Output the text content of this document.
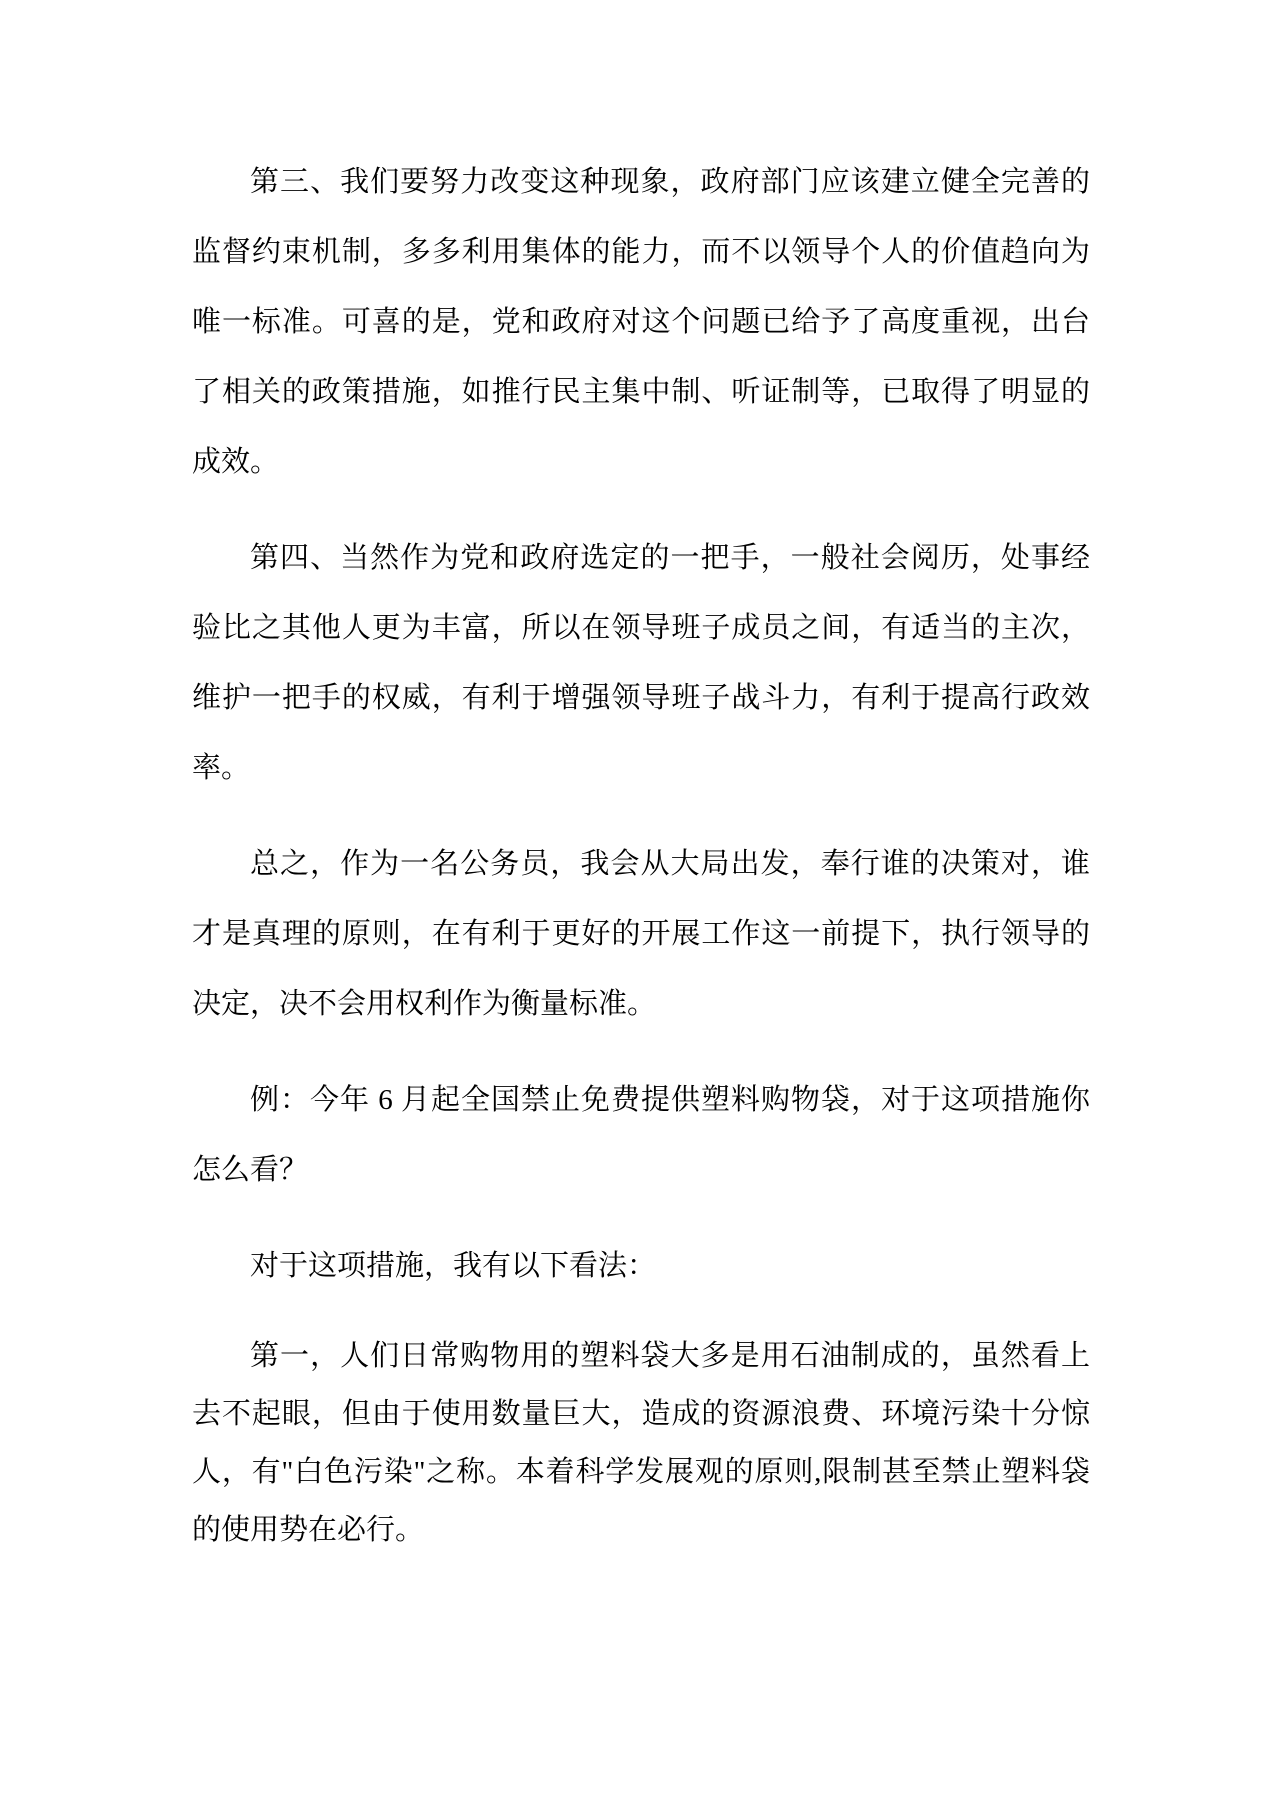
第三、我们要努力改变这种现象，政府部门应该建立健全完善的监督约束机制，多多利用集体的能力，而不以领导个人的价值趋向为唯一标准。可喜的是，党和政府对这个问题已给予了高度重视，出台了相关的政策措施，如推行民主集中制、听证制等，已取得了明显的成效。

第四、当然作为党和政府选定的一把手，一般社会阅历，处事经验比之其他人更为丰富，所以在领导班子成员之间，有适当的主次，维护一把手的权威，有利于增强领导班子战斗力，有利于提高行政效率。

总之，作为一名公务员，我会从大局出发，奉行谁的决策对，谁才是真理的原则，在有利于更好的开展工作这一前提下，执行领导的决定，决不会用权利作为衡量标准。

例：今年 6 月起全国禁止免费提供塑料购物袋，对于这项措施你怎么看？

对于这项措施，我有以下看法：

第一，人们日常购物用的塑料袋大多是用石油制成的，虽然看上去不起眼，但由于使用数量巨大，造成的资源浪费、环境污染十分惊人，有"白色污染"之称。本着科学发展观的原则,限制甚至禁止塑料袋的使用势在必行。
